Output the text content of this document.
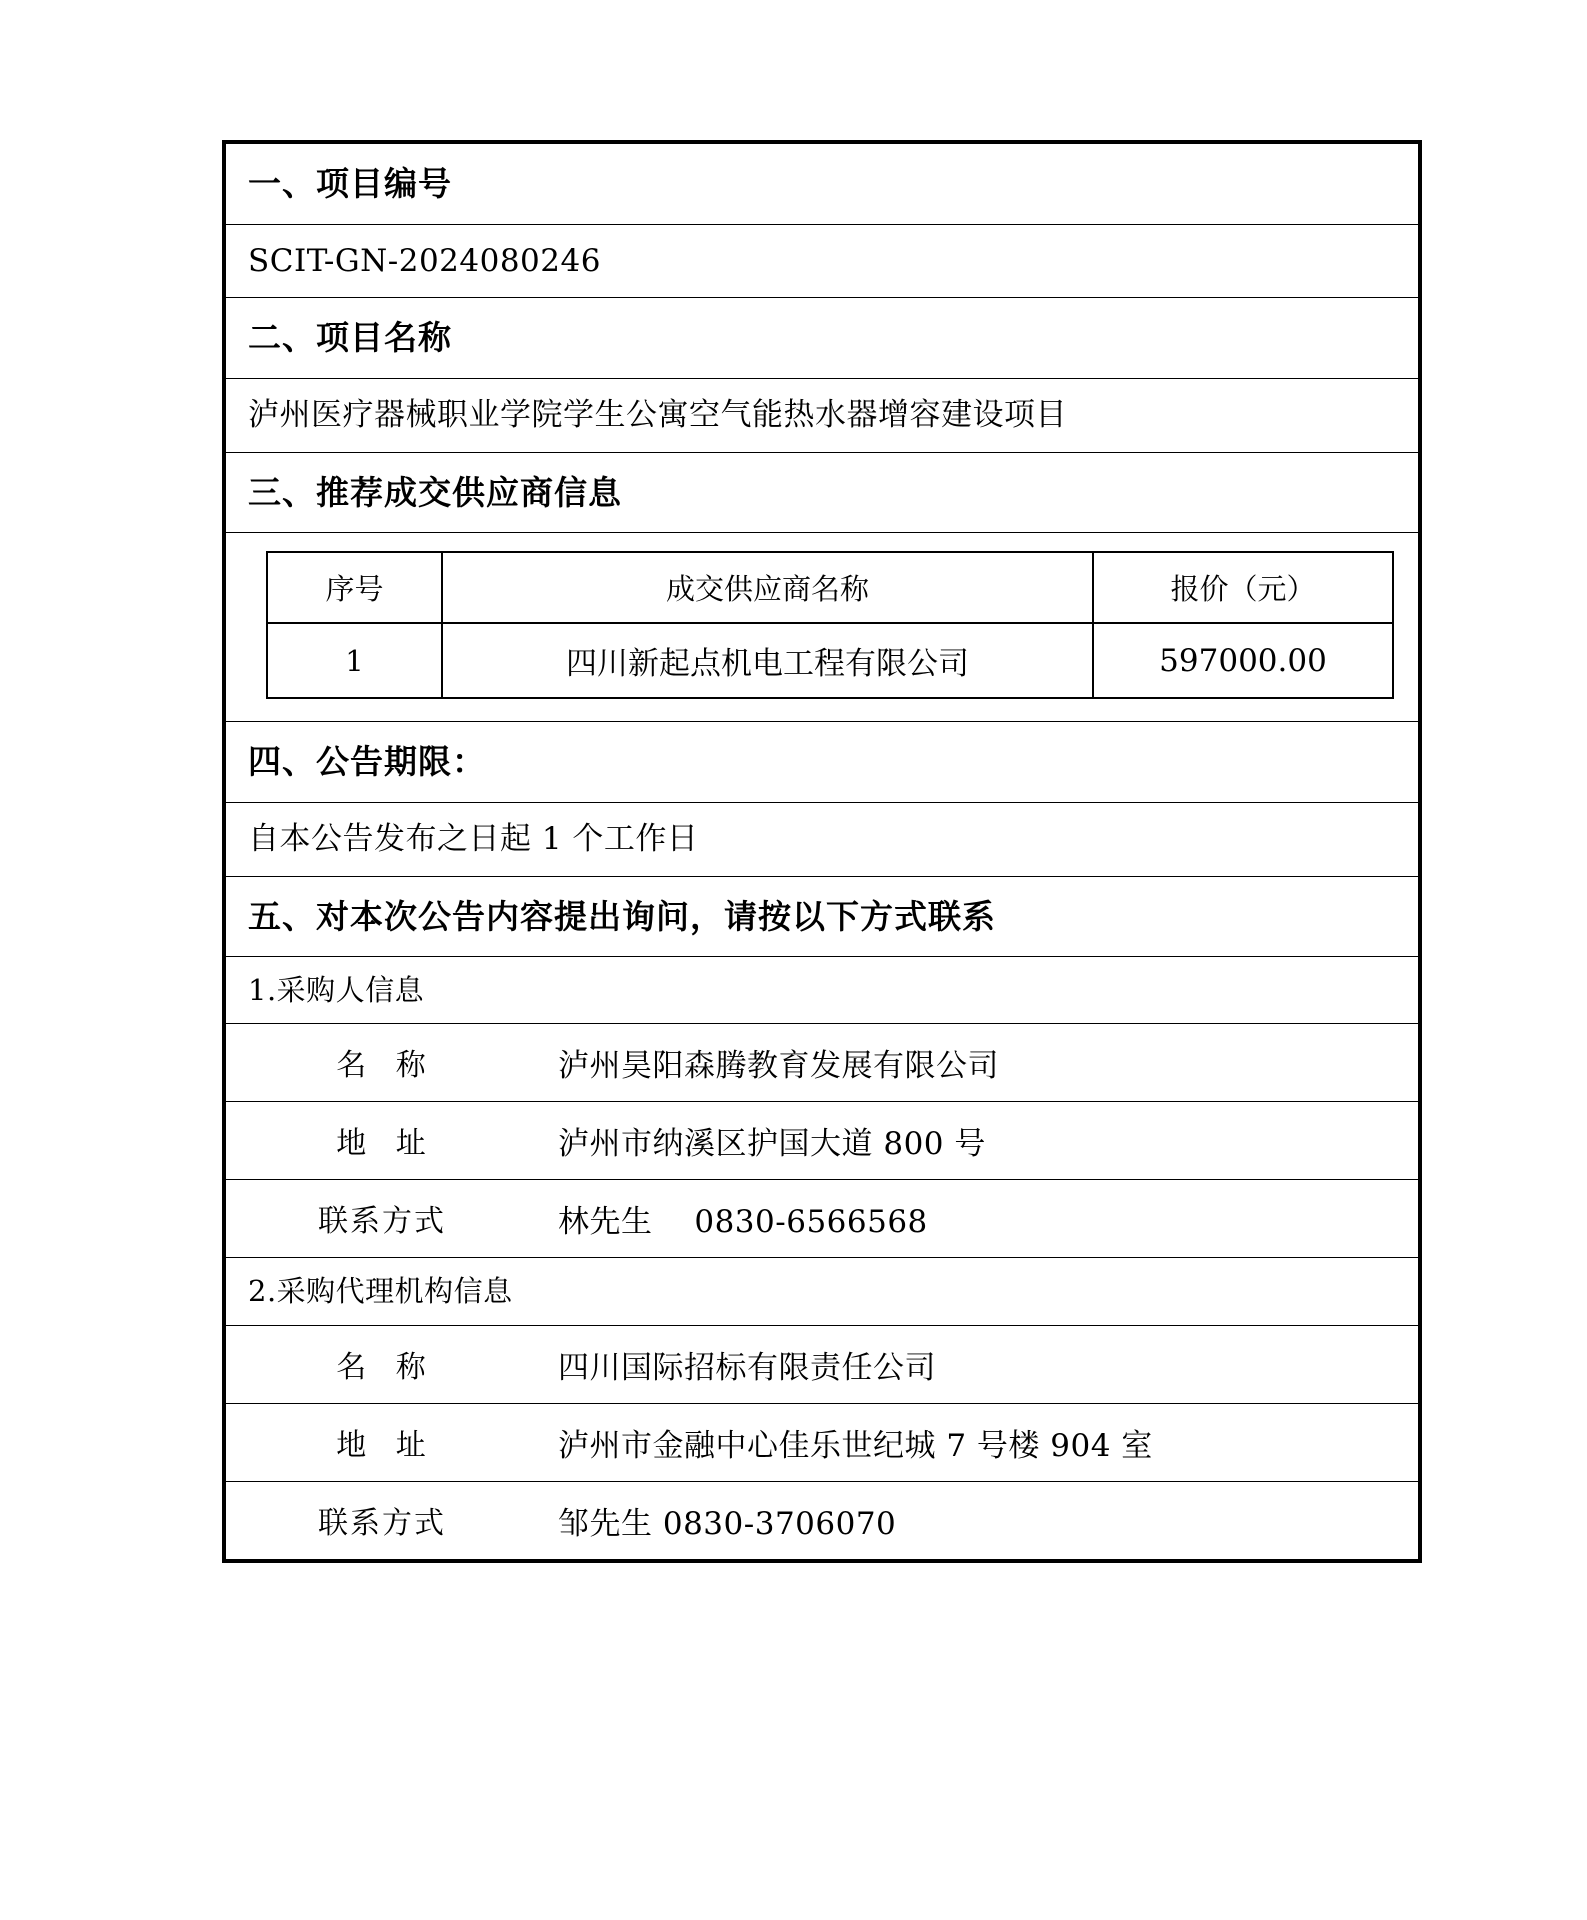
一、项目编号
SCIT-GN-2024080246
二、项目名称
泸州医疗器械职业学院学生公寓空气能热水器增容建设项目
三、推荐成交供应商信息
序号	成交供应商名称	报价（元）
1	四川新起点机电工程有限公司	597000.00
四、公告期限：
自本公告发布之日起 1 个工作日
五、对本次公告内容提出询问，请按以下方式联系
1.采购人信息
名 称	泸州昊阳森腾教育发展有限公司
地 址	泸州市纳溪区护国大道 800 号
联系方式	林先生　 0830-6566568
2.采购代理机构信息
名 称	四川国际招标有限责任公司
地 址	泸州市金融中心佳乐世纪城 7 号楼 904 室
联系方式	邹先生 0830-3706070
